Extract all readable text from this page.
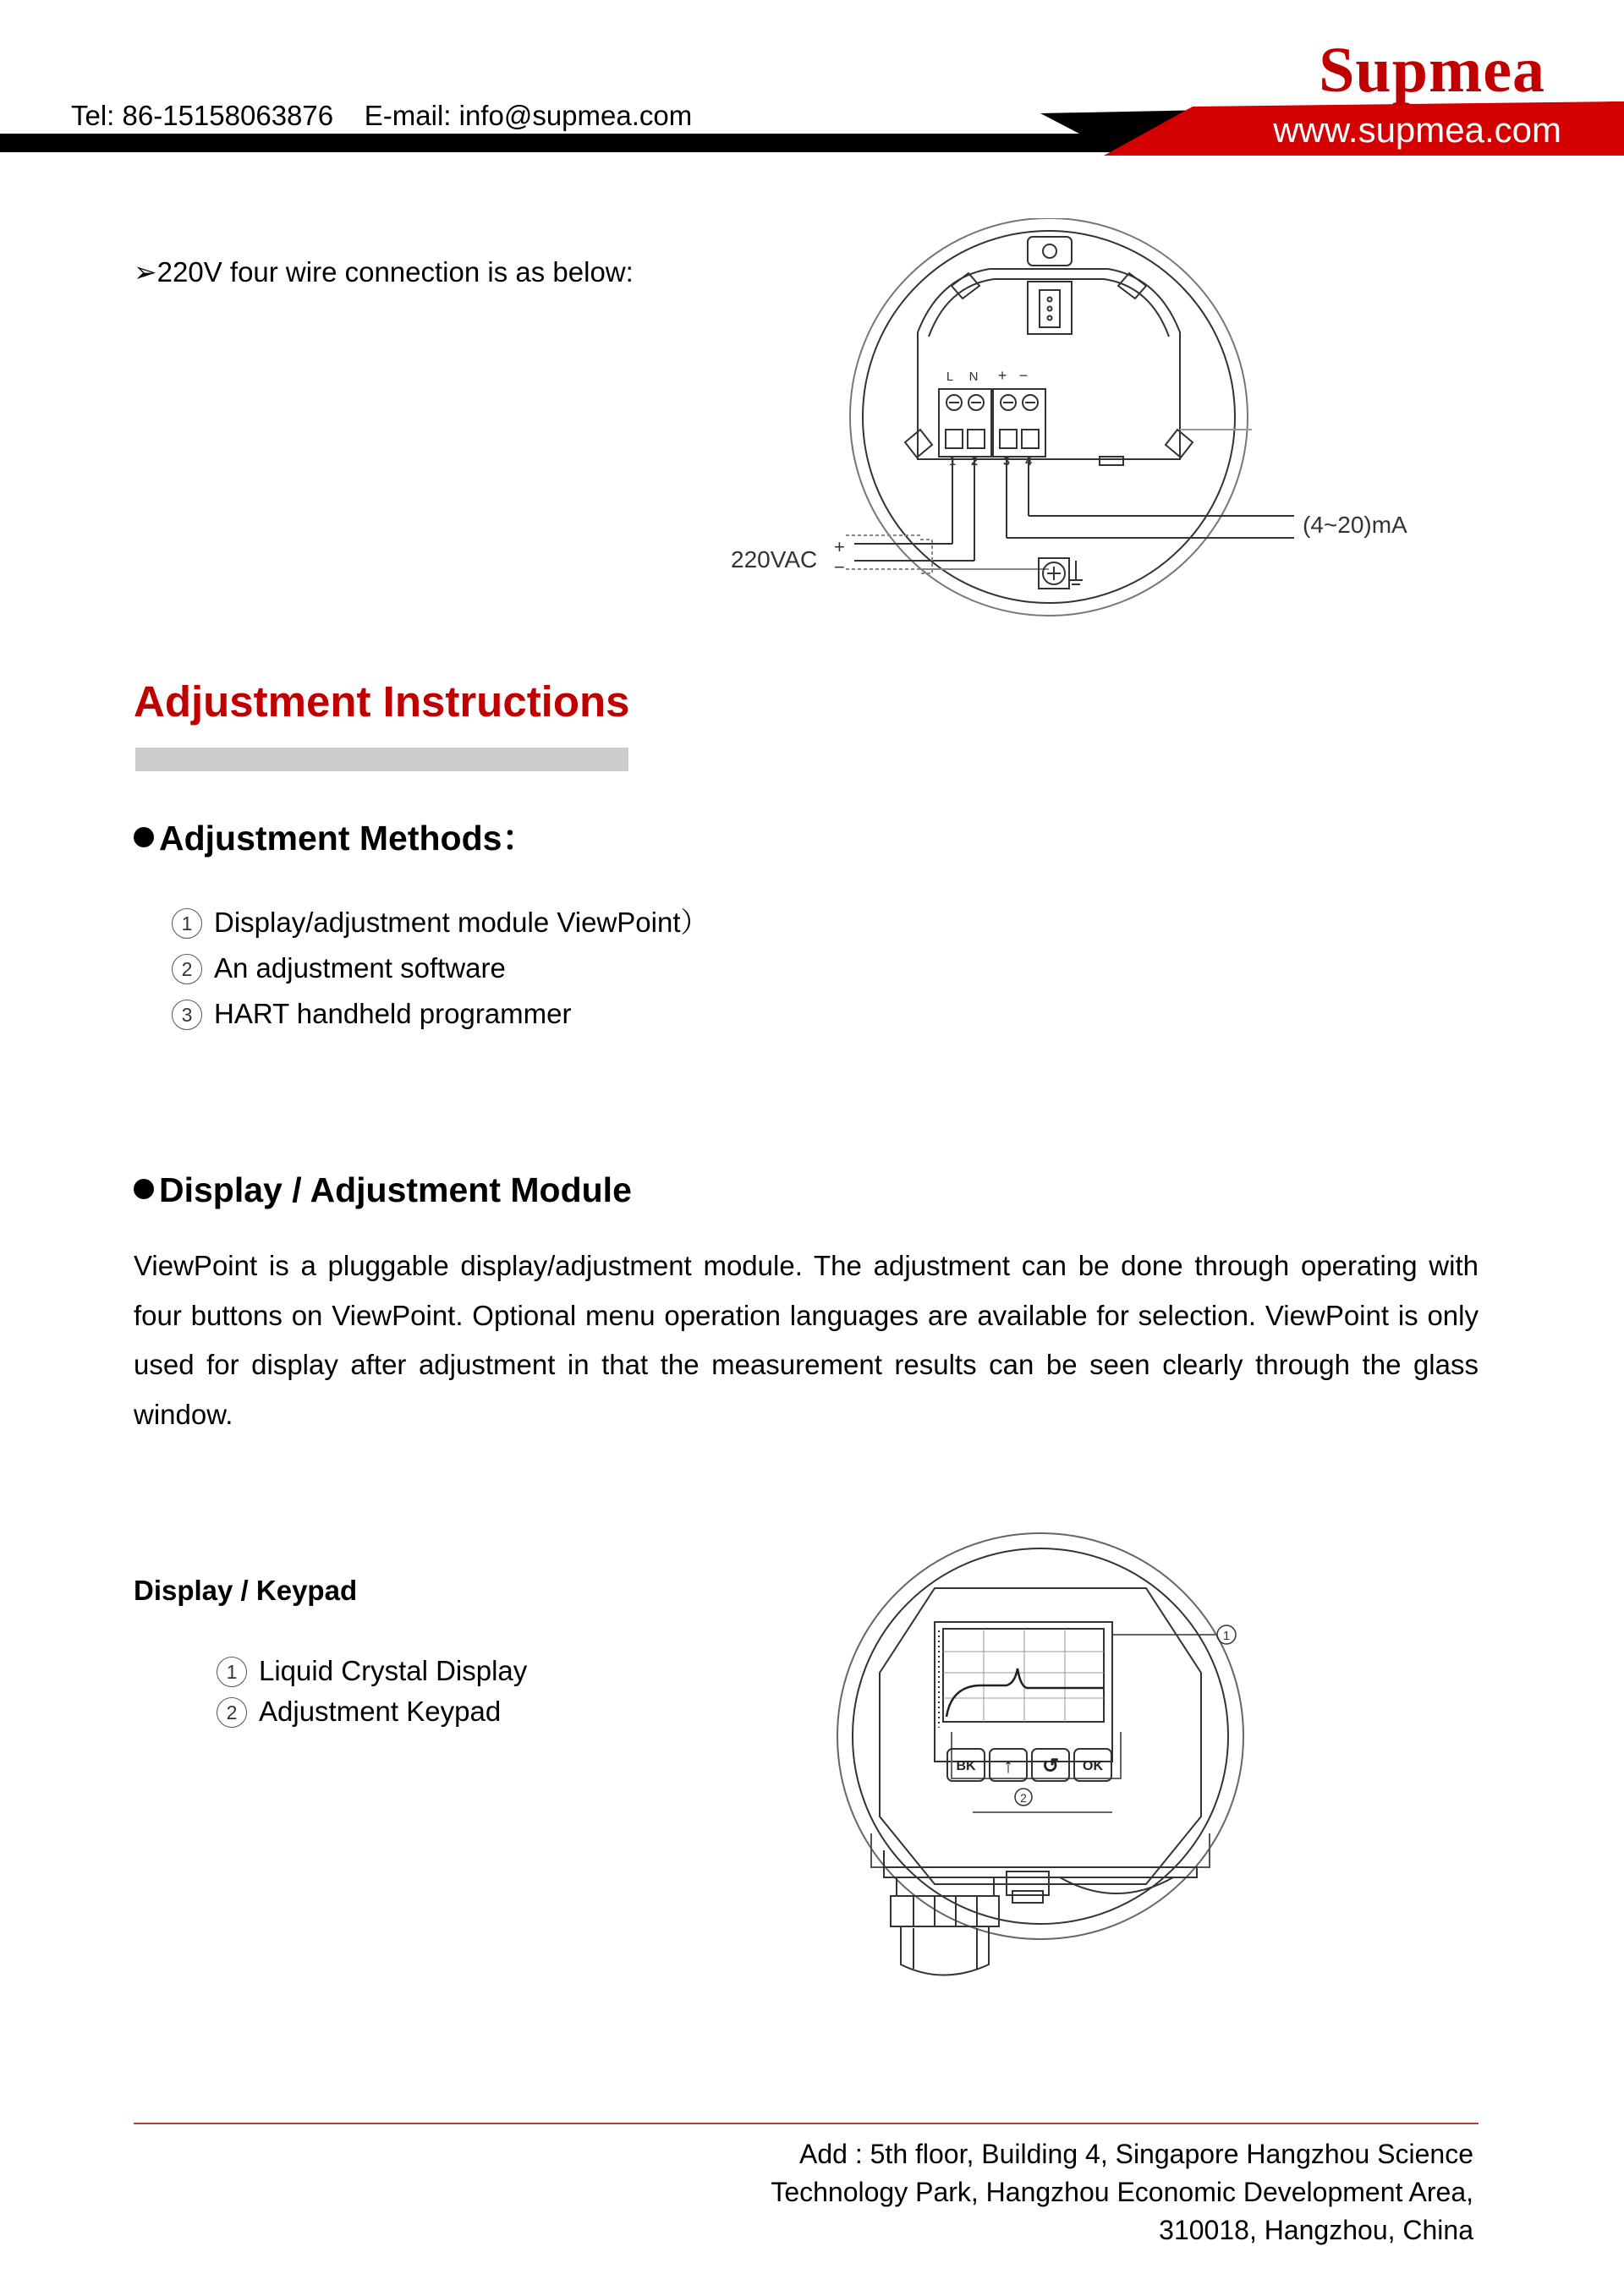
Tel: 86-15158063876    E-mail: info@supmea.com
Supmea
www.supmea.com
➢220V four wire connection is as below:
L N + −
1 2 3 4
220VAC +
−
(4~20)mA
Adjustment Instructions
Adjustment Methods：
1 Display/adjustment module ViewPoint）
2 An adjustment software
3 HART handheld programmer
Display / Adjustment Module
ViewPoint is a pluggable display/adjustment module. The adjustment can be done through operating with four buttons on ViewPoint. Optional menu operation languages are available for selection. ViewPoint is only used for display after adjustment in that the measurement results can be seen clearly through the glass window.
Display / Keypad
1 Liquid Crystal Display
2 Adjustment Keypad
1
BK ↑ ↺ OK
2
Add : 5th floor, Building 4, Singapore Hangzhou Science
Technology Park, Hangzhou Economic Development Area,
310018, Hangzhou, China
